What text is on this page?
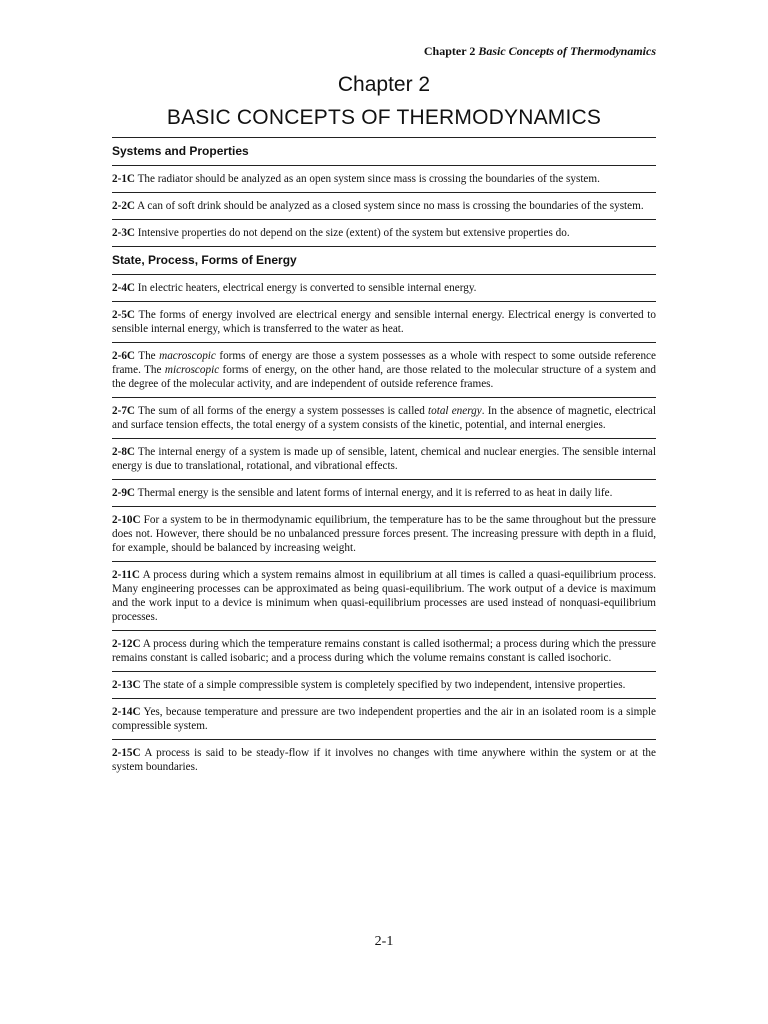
Chapter 2 Basic Concepts of Thermodynamics
Chapter 2
BASIC CONCEPTS OF THERMODYNAMICS
Systems and Properties
2-1C The radiator should be analyzed as an open system since mass is crossing the boundaries of the system.
2-2C A can of soft drink should be analyzed as a closed system since no mass is crossing the boundaries of the system.
2-3C Intensive properties do not depend on the size (extent) of the system but extensive properties do.
State, Process, Forms of Energy
2-4C In electric heaters, electrical energy is converted to sensible internal energy.
2-5C The forms of energy involved are electrical energy and sensible internal energy. Electrical energy is converted to sensible internal energy, which is transferred to the water as heat.
2-6C The macroscopic forms of energy are those a system possesses as a whole with respect to some outside reference frame. The microscopic forms of energy, on the other hand, are those related to the molecular structure of a system and the degree of the molecular activity, and are independent of outside reference frames.
2-7C The sum of all forms of the energy a system possesses is called total energy. In the absence of magnetic, electrical and surface tension effects, the total energy of a system consists of the kinetic, potential, and internal energies.
2-8C The internal energy of a system is made up of sensible, latent, chemical and nuclear energies. The sensible internal energy is due to translational, rotational, and vibrational effects.
2-9C Thermal energy is the sensible and latent forms of internal energy, and it is referred to as heat in daily life.
2-10C For a system to be in thermodynamic equilibrium, the temperature has to be the same throughout but the pressure does not. However, there should be no unbalanced pressure forces present. The increasing pressure with depth in a fluid, for example, should be balanced by increasing weight.
2-11C A process during which a system remains almost in equilibrium at all times is called a quasi-equilibrium process. Many engineering processes can be approximated as being quasi-equilibrium. The work output of a device is maximum and the work input to a device is minimum when quasi-equilibrium processes are used instead of nonquasi-equilibrium processes.
2-12C A process during which the temperature remains constant is called isothermal; a process during which the pressure remains constant is called isobaric; and a process during which the volume remains constant is called isochoric.
2-13C The state of a simple compressible system is completely specified by two independent, intensive properties.
2-14C Yes, because temperature and pressure are two independent properties and the air in an isolated room is a simple compressible system.
2-15C A process is said to be steady-flow if it involves no changes with time anywhere within the system or at the system boundaries.
2-1
